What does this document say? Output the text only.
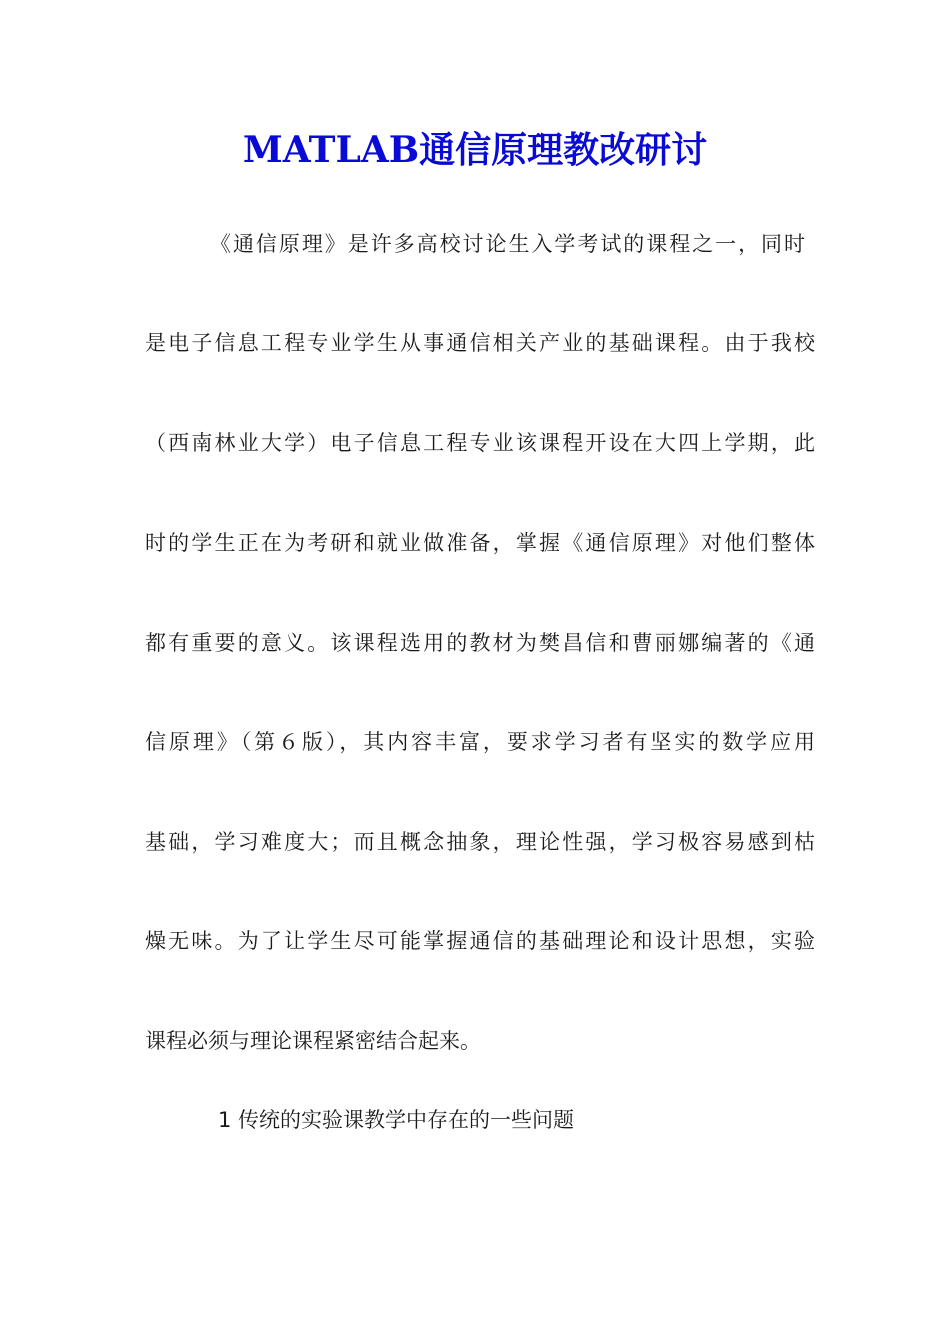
MATLAB通信原理教改研讨
《通信原理》是许多高校讨论生入学考试的课程之一，同时
是电子信息工程专业学生从事通信相关产业的基础课程。由于我校
（西南林业大学）电子信息工程专业该课程开设在大四上学期，此
时的学生正在为考研和就业做准备，掌握《通信原理》对他们整体
都有重要的意义。该课程选用的教材为樊昌信和曹丽娜编著的《通
信原理》（第６版），其内容丰富，要求学习者有坚实的数学应用
基础，学习难度大；而且概念抽象，理论性强，学习极容易感到枯
燥无味。为了让学生尽可能掌握通信的基础理论和设计思想，实验
课程必须与理论课程紧密结合起来。
1 传统的实验课教学中存在的一些问题
